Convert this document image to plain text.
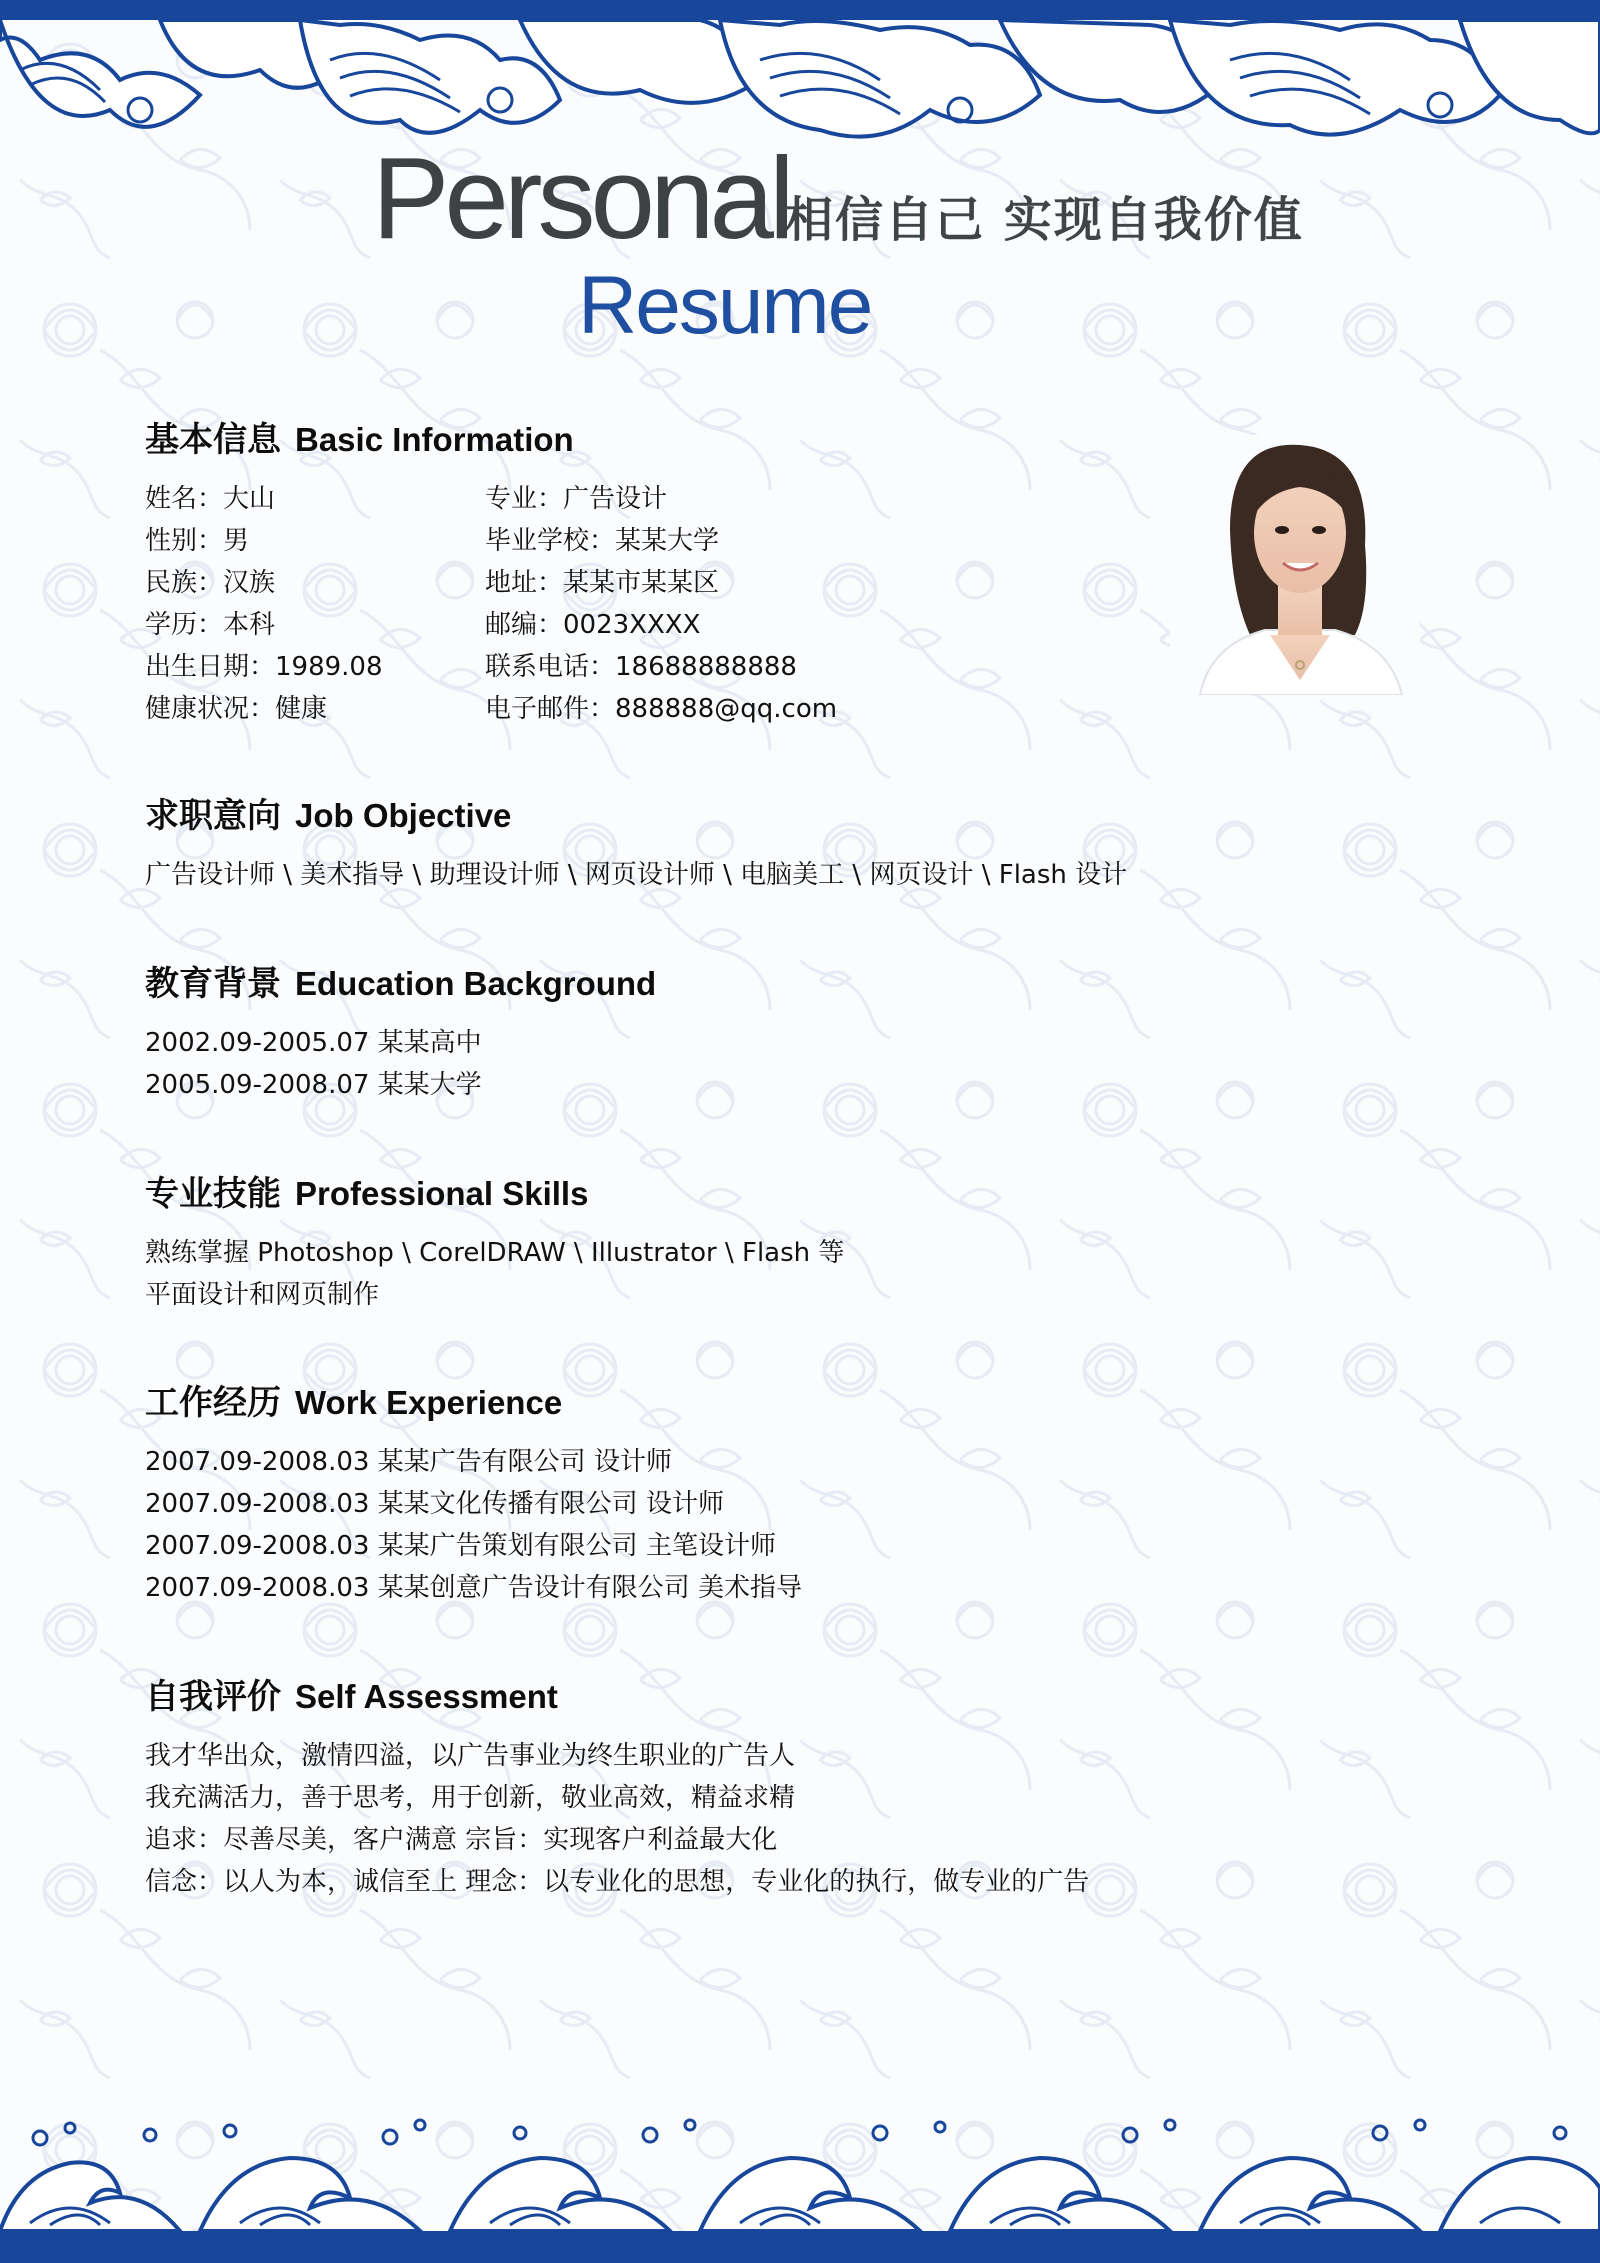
Personal
相信自己 实现自我价值
Resume
基本信息 Basic Information
姓名：大山
性别：男
民族：汉族
学历：本科
出生日期：1989.08
健康状况：健康
专业：广告设计
毕业学校：某某大学
地址：某某市某某区
邮编：0023XXXX
联系电话：18688888888
电子邮件：888888@qq.com
求职意向 Job Objective
广告设计师 \ 美术指导 \ 助理设计师 \ 网页设计师 \ 电脑美工 \ 网页设计 \ Flash 设计
教育背景 Education Background
2002.09-2005.07 某某高中
2005.09-2008.07 某某大学
专业技能 Professional Skills
熟练掌握 Photoshop \ CorelDRAW \ Illustrator \ Flash 等
平面设计和网页制作
工作经历 Work Experience
2007.09-2008.03 某某广告有限公司 设计师
2007.09-2008.03 某某文化传播有限公司 设计师
2007.09-2008.03 某某广告策划有限公司 主笔设计师
2007.09-2008.03 某某创意广告设计有限公司 美术指导
自我评价 Self Assessment
我才华出众，激情四溢，以广告事业为终生职业的广告人
我充满活力，善于思考，用于创新，敬业高效，精益求精
追求：尽善尽美，客户满意 宗旨：实现客户利益最大化
信念：以人为本，诚信至上 理念：以专业化的思想，专业化的执行，做专业的广告
